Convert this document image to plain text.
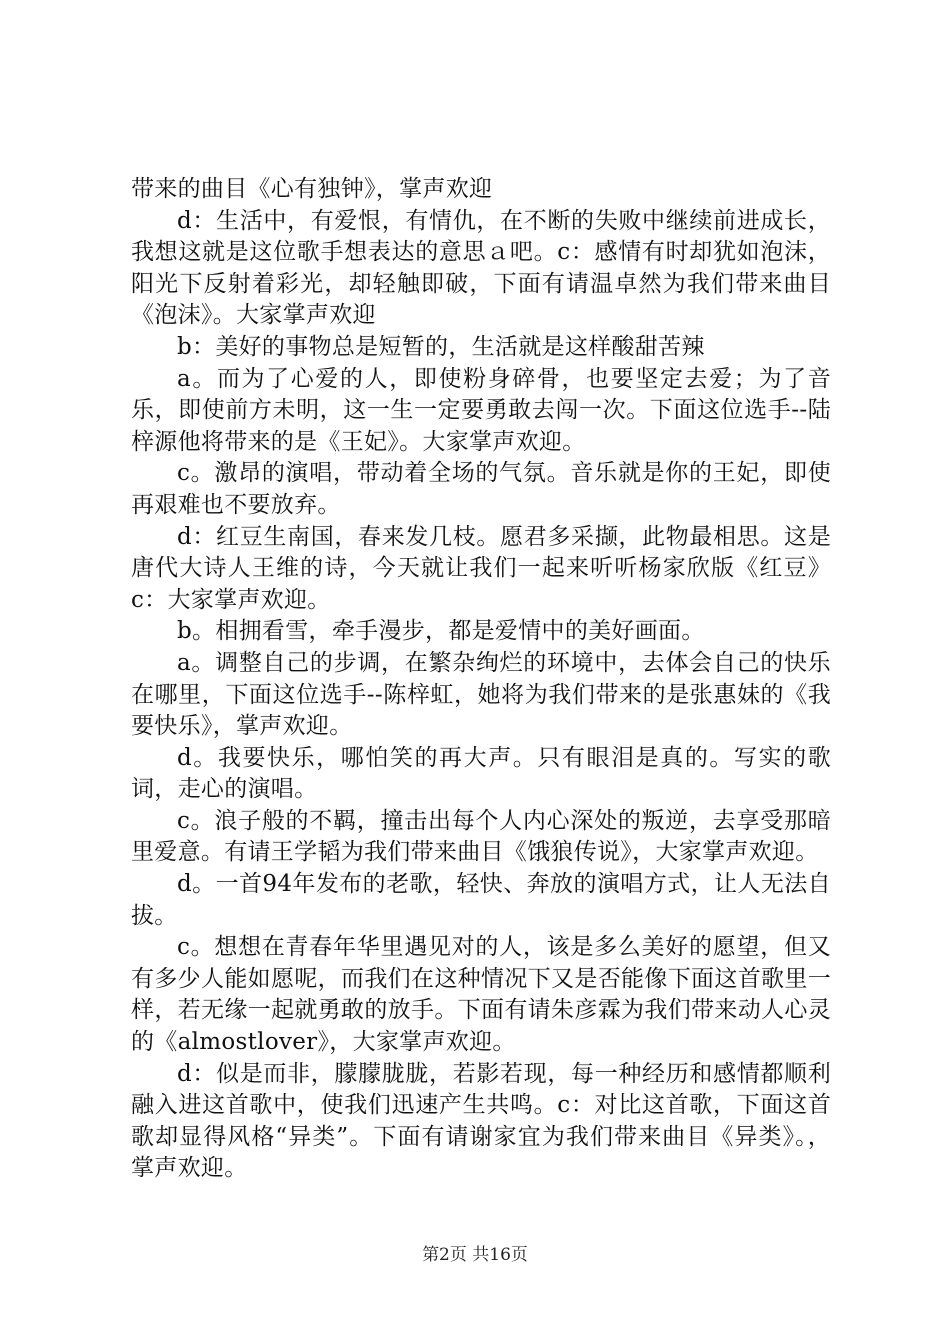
带来的曲目《心有独钟》，掌声欢迎

d：生活中，有爱恨，有情仇，在不断的失败中继续前进成长，我想这就是这位歌手想表达的意思ａ吧。c：感情有时却犹如泡沫，阳光下反射着彩光，却轻触即破，下面有请温卓然为我们带来曲目《泡沫》。大家掌声欢迎

b：美好的事物总是短暂的，生活就是这样酸甜苦辣

a。而为了心爱的人，即使粉身碎骨，也要坚定去爱；为了音乐，即使前方未明，这一生一定要勇敢去闯一次。下面这位选手--陆梓源他将带来的是《王妃》。大家掌声欢迎。

c。激昂的演唱，带动着全场的气氛。音乐就是你的王妃，即使再艰难也不要放弃。

d：红豆生南国，春来发几枝。愿君多采撷，此物最相思。这是唐代大诗人王维的诗，今天就让我们一起来听听杨家欣版《红豆》c：大家掌声欢迎。

b。相拥看雪，牵手漫步，都是爱情中的美好画面。

a。调整自己的步调，在繁杂绚烂的环境中，去体会自己的快乐在哪里，下面这位选手--陈梓虹，她将为我们带来的是张惠妹的《我要快乐》，掌声欢迎。

d。我要快乐，哪怕笑的再大声。只有眼泪是真的。写实的歌词，走心的演唱。

c。浪子般的不羁，撞击出每个人内心深处的叛逆，去享受那暗里爱意。有请王学韬为我们带来曲目《饿狼传说》，大家掌声欢迎。

d。一首94年发布的老歌，轻快、奔放的演唱方式，让人无法自拔。

c。想想在青春年华里遇见对的人，该是多么美好的愿望，但又有多少人能如愿呢，而我们在这种情况下又是否能像下面这首歌里一样，若无缘一起就勇敢的放手。下面有请朱彦霖为我们带来动人心灵的《almostlover》，大家掌声欢迎。

d：似是而非，朦朦胧胧，若影若现，每一种经历和感情都顺利融入进这首歌中，使我们迅速产生共鸣。c：对比这首歌，下面这首歌却显得风格“异类”。下面有请谢家宜为我们带来曲目《异类》。，掌声欢迎。

第2页 共16页
